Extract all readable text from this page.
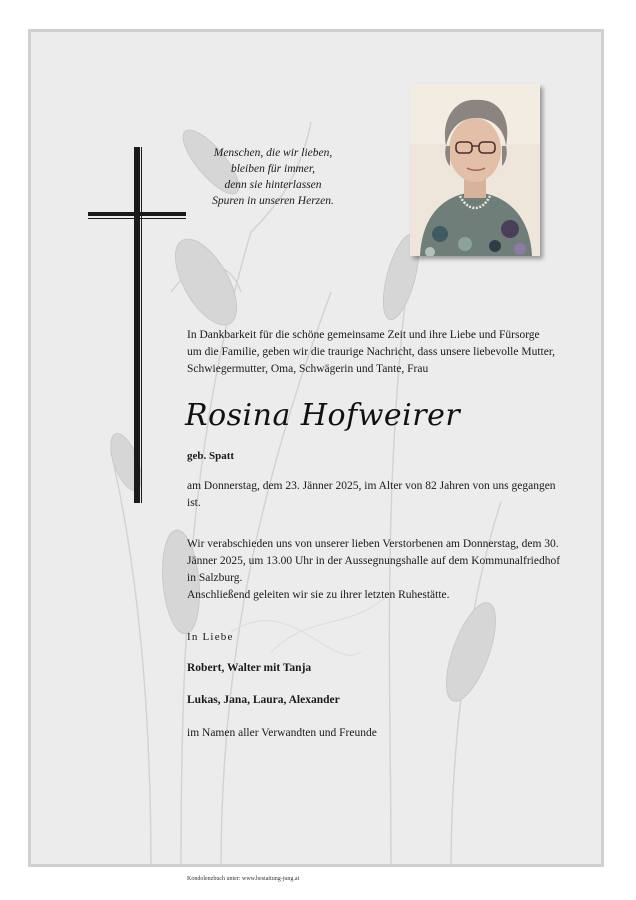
Menschen, die wir lieben,
bleiben für immer,
denn sie hinterlassen
Spuren in unseren Herzen.
In Dankbarkeit für die schöne gemeinsame Zeit und ihre Liebe und Fürsorge um die Familie, geben wir die traurige Nachricht, dass unsere liebevolle Mutter, Schwiegermutter, Oma, Schwägerin und Tante, Frau
Rosina Hofweirer
geb. Spatt
am Donnerstag, dem 23. Jänner 2025, im Alter von 82 Jahren von uns gegangen ist.
Wir verabschieden uns von unserer lieben Verstorbenen am Donnerstag, dem 30. Jänner 2025, um 13.00 Uhr in der Aussegnungshalle auf dem Kommunalfriedhof in Salzburg.
Anschließend geleiten wir sie zu ihrer letzten Ruhestätte.
In Liebe
Robert, Walter mit Tanja
Lukas, Jana, Laura, Alexander
im Namen aller Verwandten und Freunde
Kondolenzbuch unter: www.bestattung-jung.at
